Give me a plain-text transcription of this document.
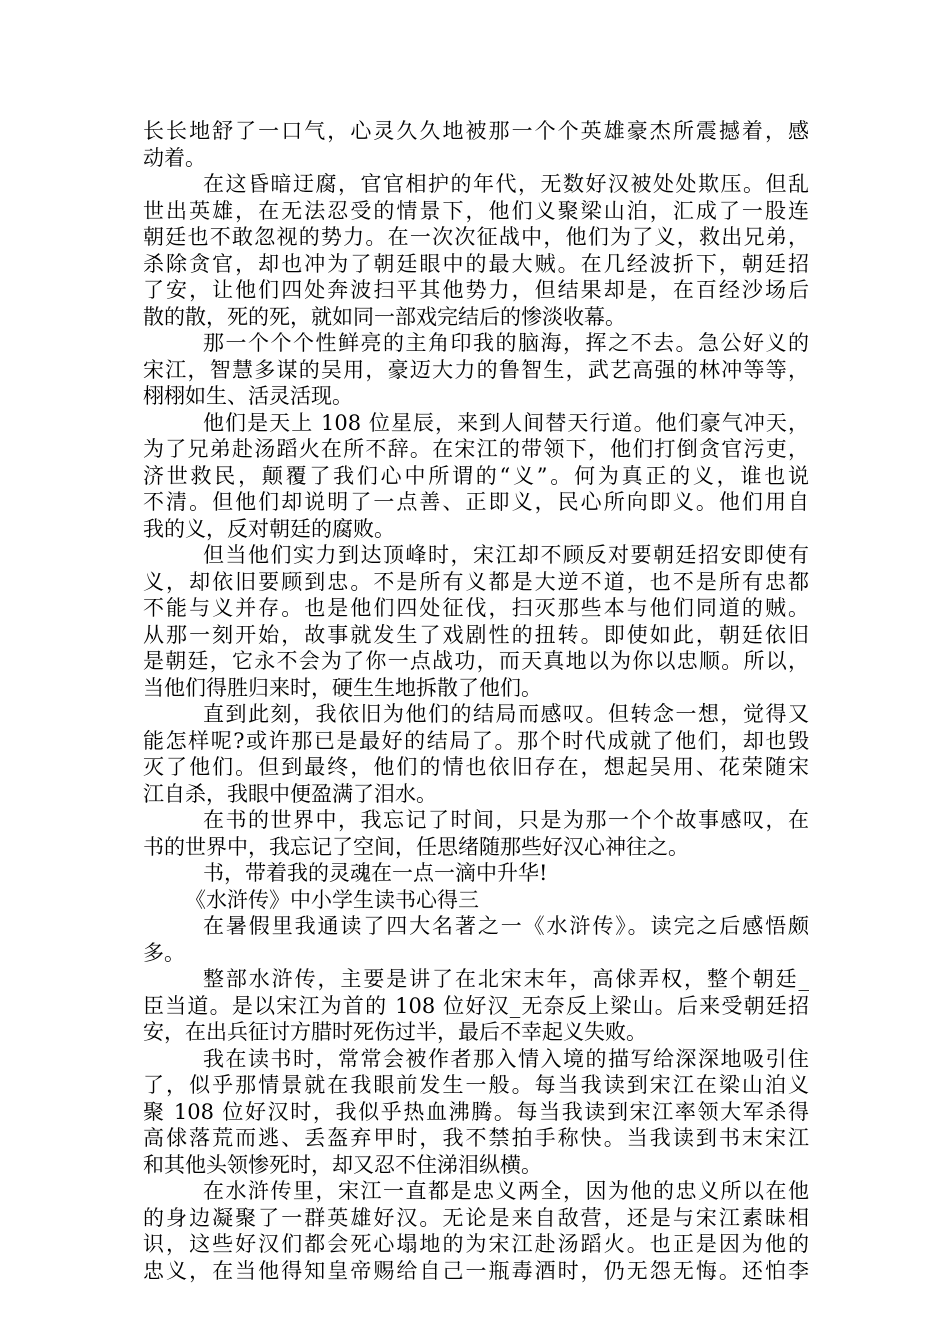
长长地舒了一口气，心灵久久地被那一个个英雄豪杰所震撼着，感
动着。
在这昏暗迂腐，官官相护的年代，无数好汉被处处欺压。但乱
世出英雄，在无法忍受的情景下，他们义聚梁山泊，汇成了一股连
朝廷也不敢忽视的势力。在一次次征战中，他们为了义，救出兄弟，
杀除贪官，却也冲为了朝廷眼中的最大贼。在几经波折下，朝廷招
了安，让他们四处奔波扫平其他势力，但结果却是，在百经沙场后
散的散，死的死，就如同一部戏完结后的惨淡收幕。
那一个个个性鲜亮的主角印我的脑海，挥之不去。急公好义的
宋江，智慧多谋的吴用，豪迈大力的鲁智生，武艺高强的林冲等等，
栩栩如生、活灵活现。
他们是天上 108 位星辰，来到人间替天行道。他们豪气冲天，
为了兄弟赴汤蹈火在所不辞。在宋江的带领下，他们打倒贪官污吏，
济世救民，颠覆了我们心中所谓的“义”。何为真正的义，谁也说
不清。但他们却说明了一点善、正即义，民心所向即义。他们用自
我的义，反对朝廷的腐败。
但当他们实力到达顶峰时，宋江却不顾反对要朝廷招安即使有
义，却依旧要顾到忠。不是所有义都是大逆不道，也不是所有忠都
不能与义并存。也是他们四处征伐，扫灭那些本与他们同道的贼。
从那一刻开始，故事就发生了戏剧性的扭转。即使如此，朝廷依旧
是朝廷，它永不会为了你一点战功，而天真地以为你以忠顺。所以，
当他们得胜归来时，硬生生地拆散了他们。
直到此刻，我依旧为他们的结局而感叹。但转念一想，觉得又
能怎样呢?或许那已是最好的结局了。那个时代成就了他们，却也毁
灭了他们。但到最终，他们的情也依旧存在，想起吴用、花荣随宋
江自杀，我眼中便盈满了泪水。
在书的世界中，我忘记了时间，只是为那一个个故事感叹，在
书的世界中，我忘记了空间，任思绪随那些好汉心神往之。
书，带着我的灵魂在一点一滴中升华!
《水浒传》中小学生读书心得三
在暑假里我通读了四大名著之一《水浒传》。读完之后感悟颇
多。
整部水浒传，主要是讲了在北宋末年，高俅弄权，整个朝廷_
臣当道。是以宋江为首的 108 位好汉_无奈反上梁山。后来受朝廷招
安，在出兵征讨方腊时死伤过半，最后不幸起义失败。
我在读书时，常常会被作者那入情入境的描写给深深地吸引住
了，似乎那情景就在我眼前发生一般。每当我读到宋江在梁山泊义
聚 108 位好汉时，我似乎热血沸腾。每当我读到宋江率领大军杀得
高俅落荒而逃、丢盔弃甲时，我不禁拍手称快。当我读到书末宋江
和其他头领惨死时，却又忍不住涕泪纵横。
在水浒传里，宋江一直都是忠义两全，因为他的忠义所以在他
的身边凝聚了一群英雄好汉。无论是来自敌营，还是与宋江素昧相
识，这些好汉们都会死心塌地的为宋江赴汤蹈火。也正是因为他的
忠义，在当他得知皇帝赐给自己一瓶毒酒时，仍无怨无悔。还怕李
